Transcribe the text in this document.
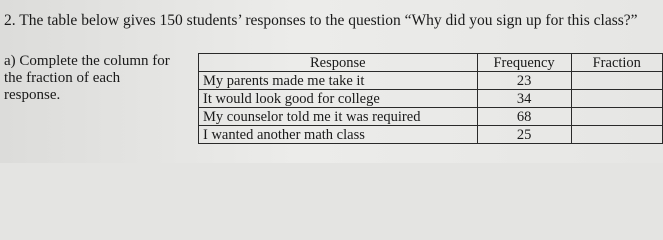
2. The table below gives 150 students’ responses to the question “Why did you sign up for this class?”
a) Complete the column for
the fraction of each
response.
Response	Frequency	Fraction
My parents made me take it	23	
It would look good for college	34	
My counselor told me it was required	68	
I wanted another math class	25	
